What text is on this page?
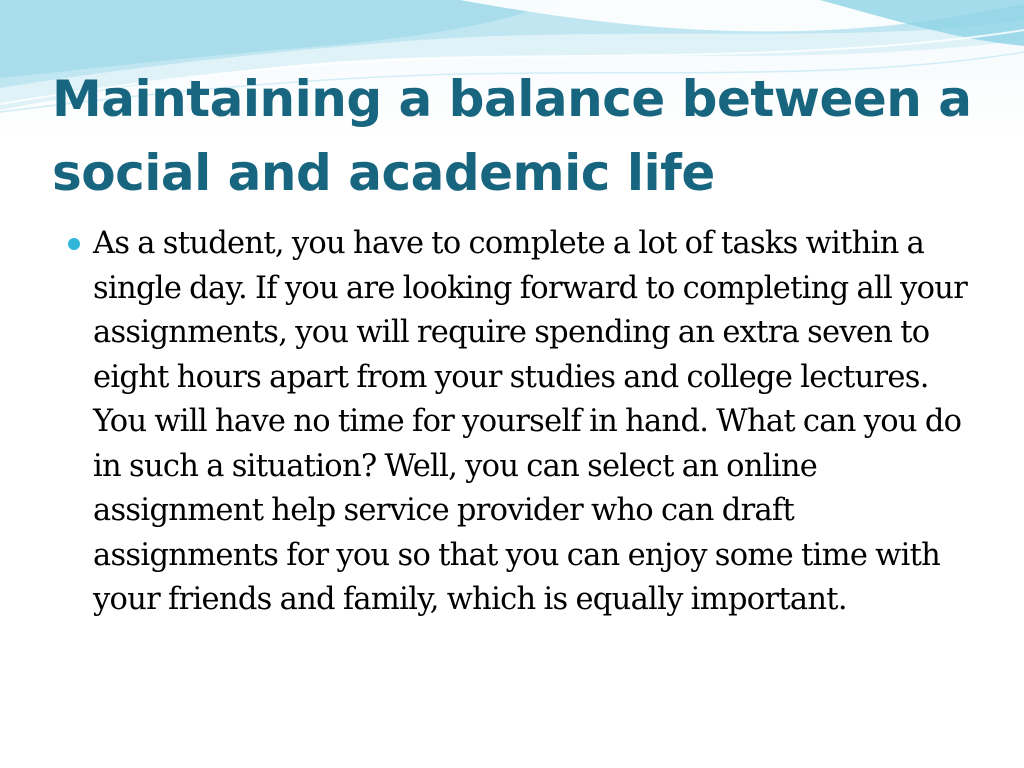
Maintaining a balance between a social and academic life
As a student, you have to complete a lot of tasks within a single day. If you are looking forward to completing all your assignments, you will require spending an extra seven to eight hours apart from your studies and college lectures. You will have no time for yourself in hand. What can you do in such a situation? Well, you can select an online assignment help service provider who can draft assignments for you so that you can enjoy some time with your friends and family, which is equally important.
